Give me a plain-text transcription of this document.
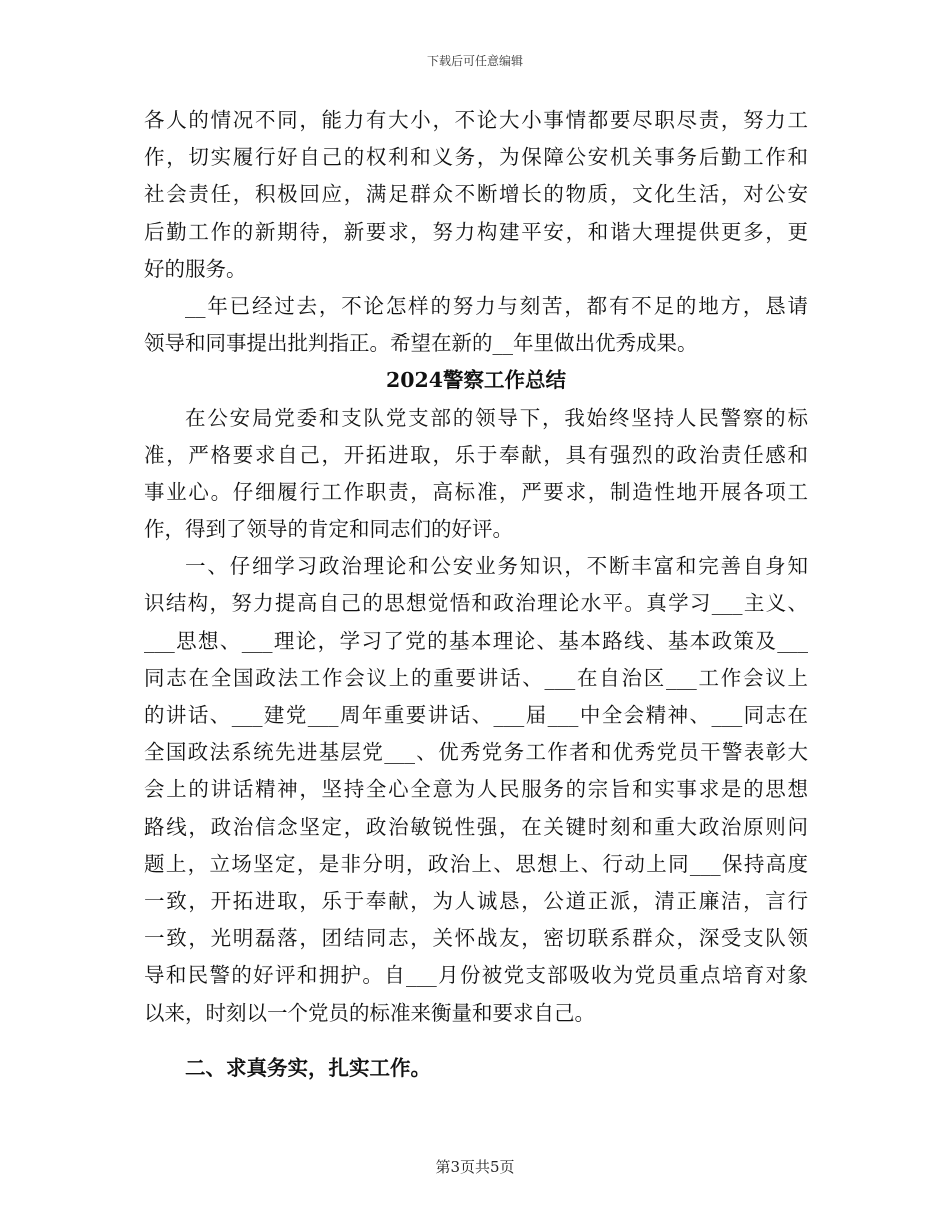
下载后可任意编辑
各人的情况不同，能力有大小，不论大小事情都要尽职尽责，努力工
作，切实履行好自己的权利和义务，为保障公安机关事务后勤工作和
社会责任，积极回应，满足群众不断增长的物质，文化生活，对公安
后勤工作的新期待，新要求，努力构建平安，和谐大理提供更多，更
好的服务。
__年已经过去，不论怎样的努力与刻苦，都有不足的地方，恳请
领导和同事提出批判指正。希望在新的__年里做出优秀成果。
2024警察工作总结
在公安局党委和支队党支部的领导下，我始终坚持人民警察的标
准，严格要求自己，开拓进取，乐于奉献，具有强烈的政治责任感和
事业心。仔细履行工作职责，高标准，严要求，制造性地开展各项工
作，得到了领导的肯定和同志们的好评。
一、仔细学习政治理论和公安业务知识，不断丰富和完善自身知
识结构，努力提高自己的思想觉悟和政治理论水平。真学习___主义、
___思想、___理论，学习了党的基本理论、基本路线、基本政策及___
同志在全国政法工作会议上的重要讲话、___在自治区___工作会议上
的讲话、___建党___周年重要讲话、___届___中全会精神、___同志在
全国政法系统先进基层党___、优秀党务工作者和优秀党员干警表彰大
会上的讲话精神，坚持全心全意为人民服务的宗旨和实事求是的思想
路线，政治信念坚定，政治敏锐性强，在关键时刻和重大政治原则问
题上，立场坚定，是非分明，政治上、思想上、行动上同___保持高度
一致，开拓进取，乐于奉献，为人诚恳，公道正派，清正廉洁，言行
一致，光明磊落，团结同志，关怀战友，密切联系群众，深受支队领
导和民警的好评和拥护。自___月份被党支部吸收为党员重点培育对象
以来，时刻以一个党员的标准来衡量和要求自己。
二、求真务实，扎实工作。
第3页共5页
